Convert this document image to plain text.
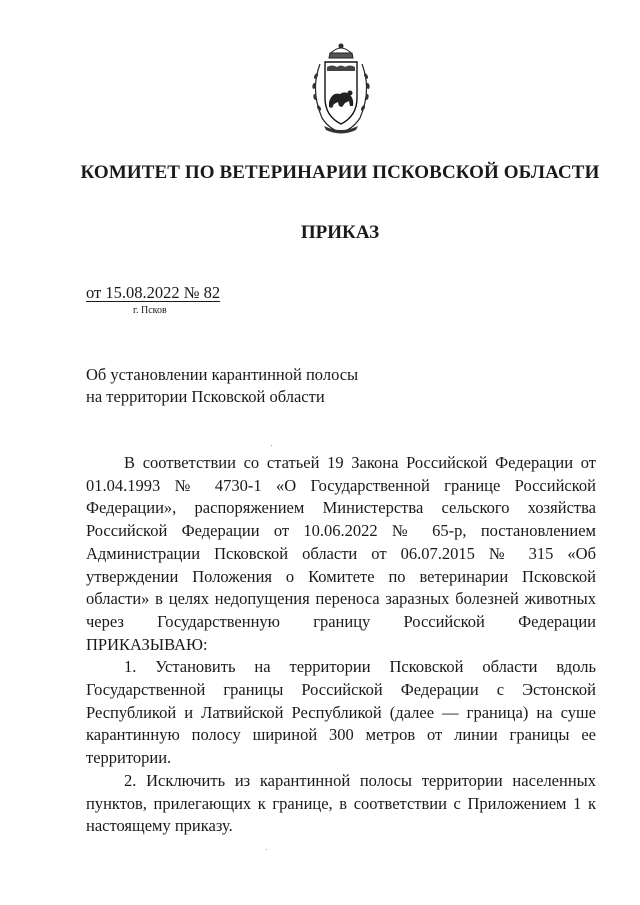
КОМИТЕТ ПО ВЕТЕРИНАРИИ ПСКОВСКОЙ ОБЛАСТИ
ПРИКАЗ
от 15.08.2022 № 82
г. Псков
Об установлении карантинной полосы
на территории Псковской области

В соответствии со статьей 19 Закона Российской Федерации от 01.04.1993 № 4730-1 «О Государственной границе Российской Федерации», распоряжением Министерства сельского хозяйства Российской Федерации от 10.06.2022 № 65-р, постановлением Администрации Псковской области от 06.07.2015 № 315 «Об утверждении Положения о Комитете по ветеринарии Псковской области» в целях недопущения переноса заразных болезней животных через Государственную границу Российской Федерации ПРИКАЗЫВАЮ:

1. Установить на территории Псковской области вдоль Государственной границы Российской Федерации с Эстонской Республикой и Латвийской Республикой (далее — граница) на суше карантинную полосу шириной 300 метров от линии границы ее территории.

2. Исключить из карантинной полосы территории населенных пунктов, прилегающих к границе, в соответствии с Приложением 1 к настоящему приказу.
